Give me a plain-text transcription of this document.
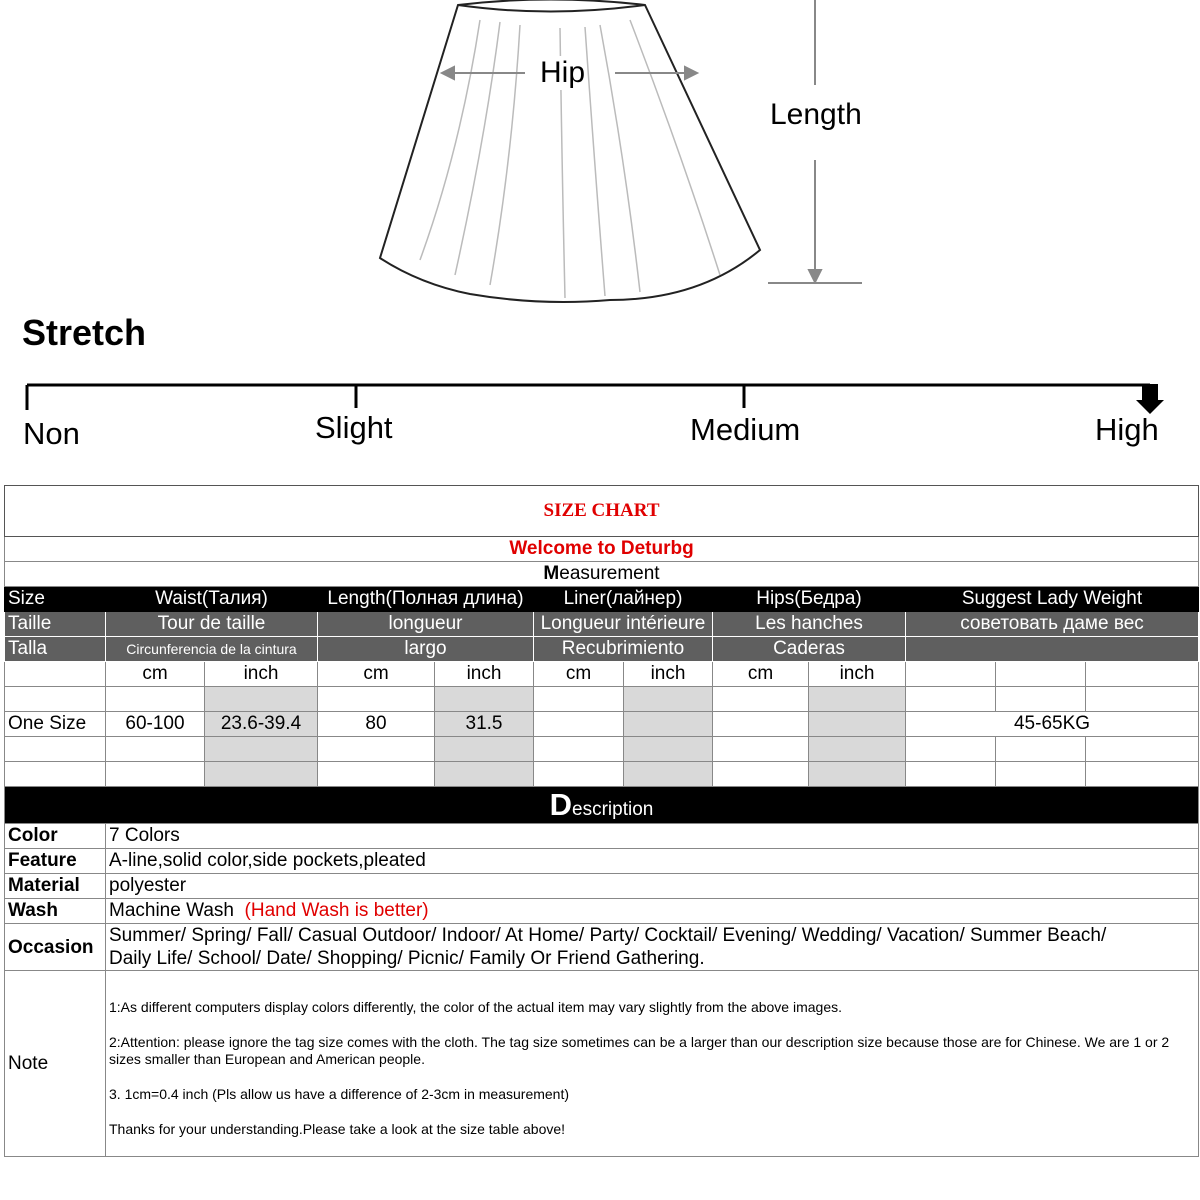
Hip
Length
Stretch
Non	Slight	Medium	High
SIZE CHART											
Welcome to Deturbg											
Measurement											
Size	Waist(Талия)		Length(Полная длина)		Liner(лайнер)		Hips(Бедра)		Suggest Lady Weight		
Taille	Tour de taille		longueur		Longueur intérieure		Les hanches		советовать даме вес		
Talla	Circunferencia de la cintura		largo		Recubrimiento		Caderas				
	cm	inch	cm	inch	cm	inch	cm	inch			

One Size	60-100	23.6-39.4	80	31.5					45-65KG		

Description											
Color	7 Colors										
Feature	A-line,solid color,side pockets,pleated										
Material	polyester										
Wash	Machine Wash (Hand Wash is better)										
Occasion	Summer/ Spring/ Fall/ Casual Outdoor/ Indoor/ At Home/ Party/ Cocktail/ Evening/ Wedding/ Vacation/ Summer Beach/
Daily Life/ School/ Date/ Shopping/ Picnic/ Family Or Friend Gathering.										

Note	1:As different computers display colors differently, the color of the actual item may vary slightly from the above images.

2:Attention: please ignore the tag size comes with the cloth. The tag size sometimes can be a larger than our description size because those are for Chinese. We are 1 or 2 sizes smaller than European and American people.

3. 1cm=0.4 inch (Pls allow us have a difference of 2-3cm in measurement)

Thanks for your understanding.Please take a look at the size table above!										
